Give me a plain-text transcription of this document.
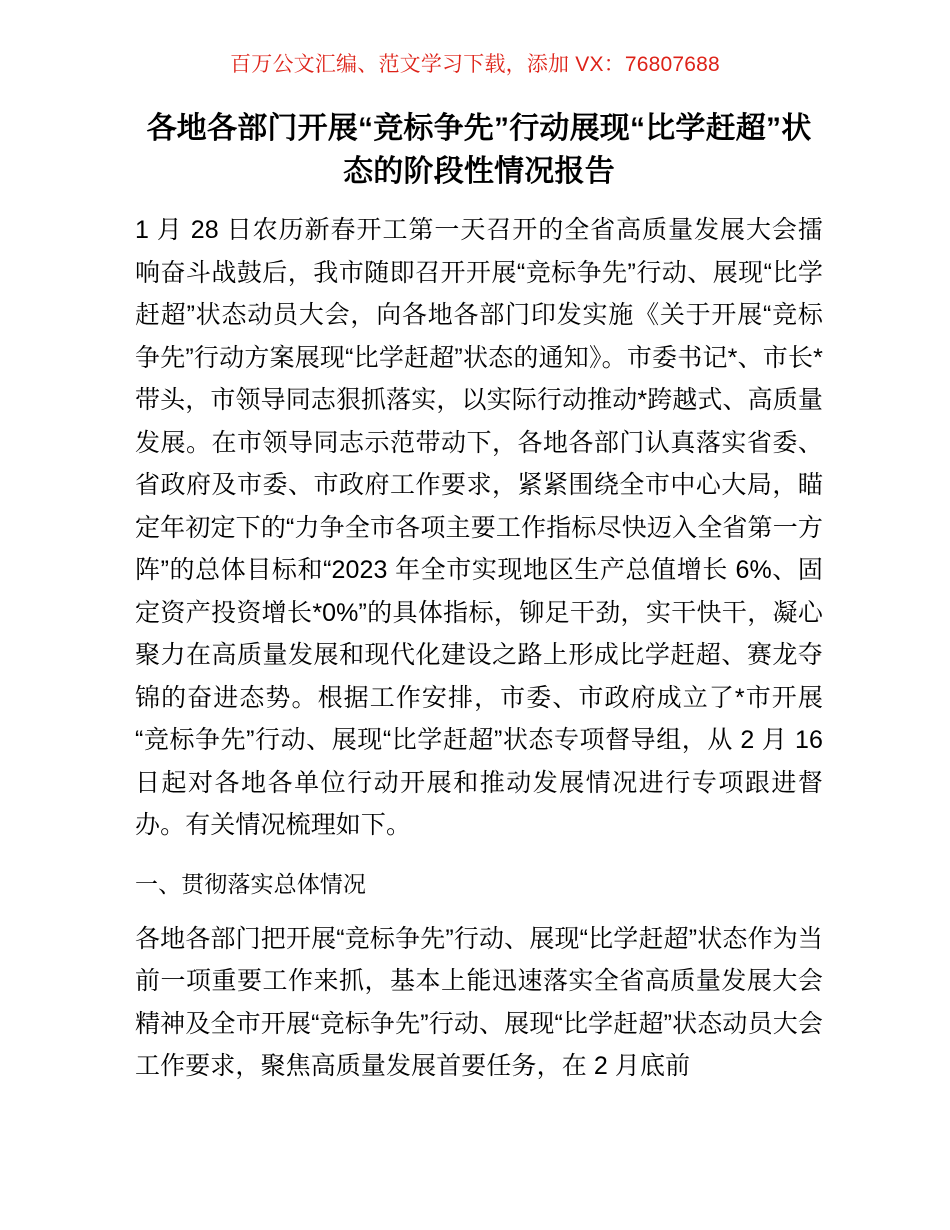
百万公文汇编、范文学习下载，添加 VX：76807688
各地各部门开展“竞标争先”行动展现“比学赶超”状态的阶段性情况报告

1 月 28 日农历新春开工第一天召开的全省高质量发展大会擂响奋斗战鼓后，我市随即召开开展“竞标争先”行动、展现“比学赶超”状态动员大会，向各地各部门印发实施《关于开展“竞标争先”行动方案展现“比学赶超”状态的通知》。市委书记*、市长*带头，市领导同志狠抓落实，以实际行动推动*跨越式、高质量发展。在市领导同志示范带动下，各地各部门认真落实省委、省政府及市委、市政府工作要求，紧紧围绕全市中心大局，瞄定年初定下的“力争全市各项主要工作指标尽快迈入全省第一方阵”的总体目标和“2023 年全市实现地区生产总值增长 6%、固定资产投资增长*0%”的具体指标，铆足干劲，实干快干，凝心聚力在高质量发展和现代化建设之路上形成比学赶超、赛龙夺锦的奋进态势。根据工作安排，市委、市政府成立了*市开展“竞标争先”行动、展现“比学赶超”状态专项督导组，从 2 月 16 日起对各地各单位行动开展和推动发展情况进行专项跟进督办。有关情况梳理如下。

一、贯彻落实总体情况

各地各部门把开展“竞标争先”行动、展现“比学赶超”状态作为当前一项重要工作来抓，基本上能迅速落实全省高质量发展大会精神及全市开展“竞标争先”行动、展现“比学赶超”状态动员大会工作要求，聚焦高质量发展首要任务，在 2 月底前
